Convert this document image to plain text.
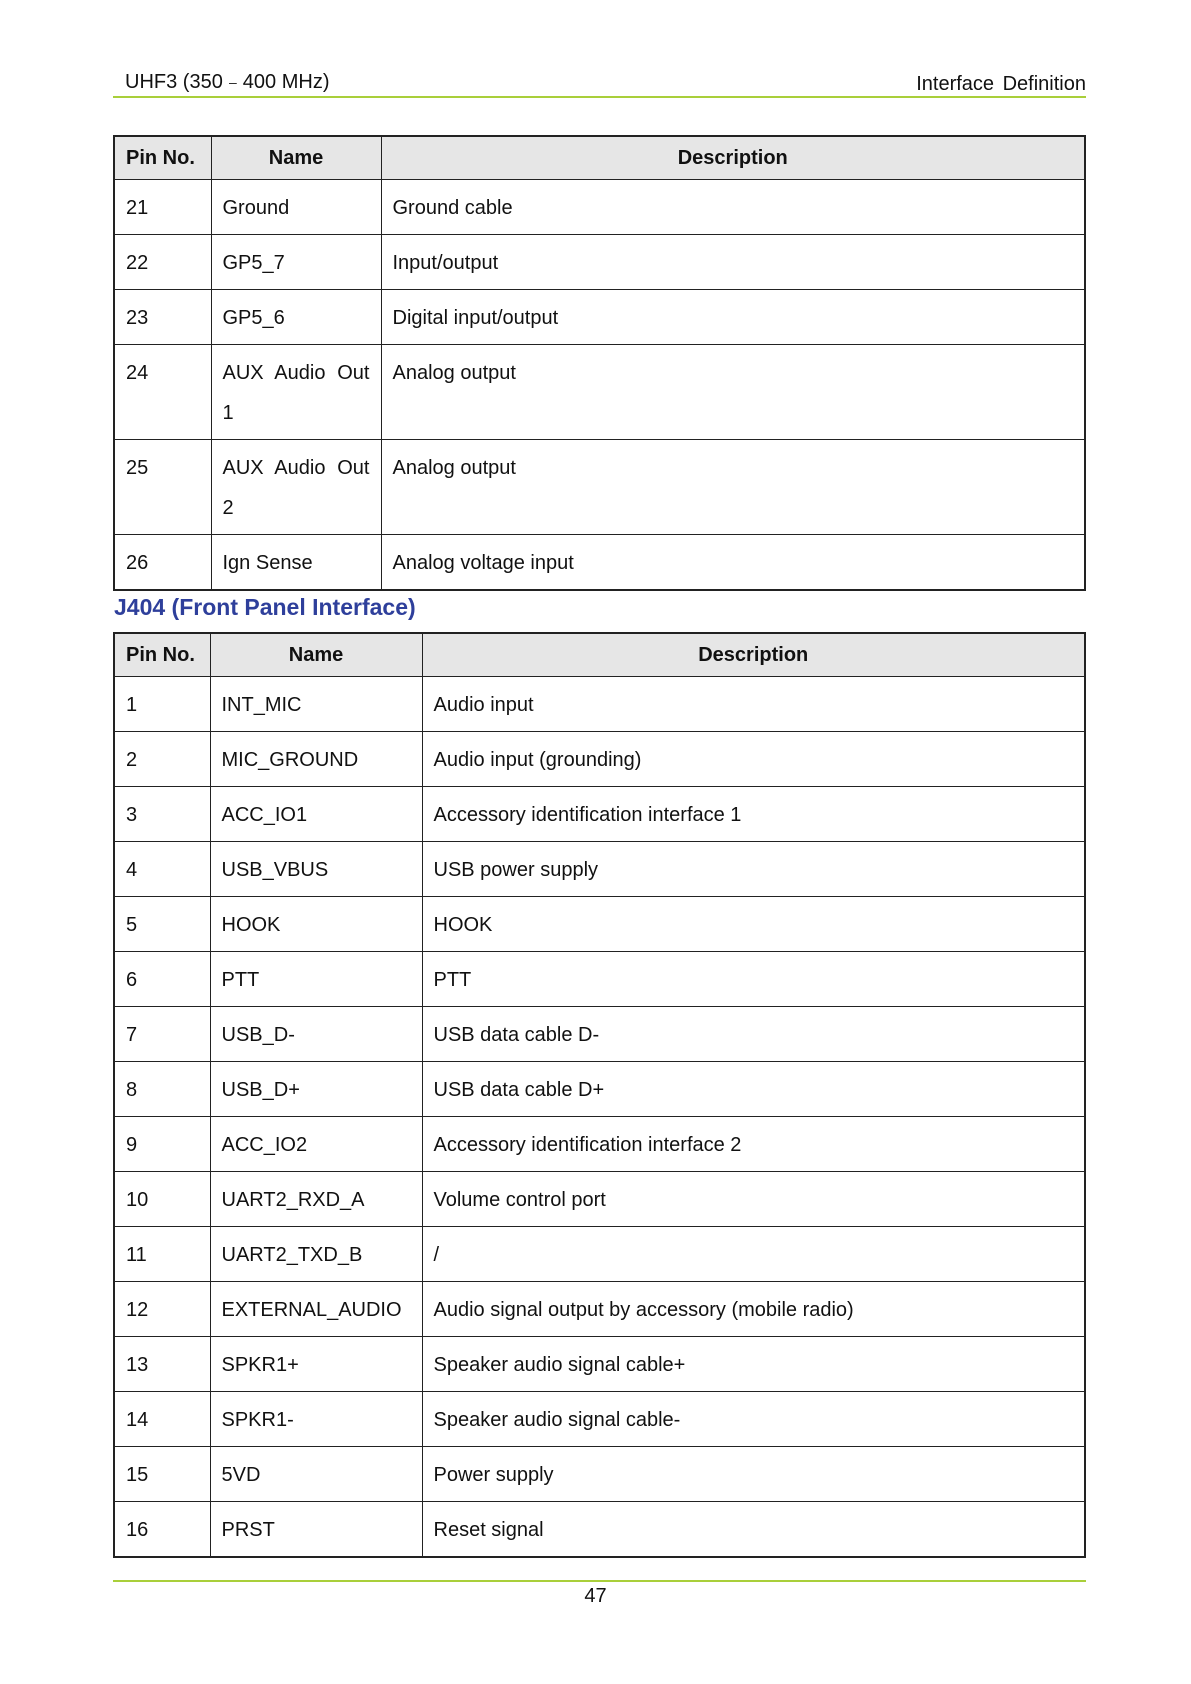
UHF3 (350﹣400 MHz)	Interface Definition
Pin No.	Name	Description
21	Ground	Ground cable
22	GP5_7	Input/output
23	GP5_6	Digital input/output
24	AUX Audio Out 1	Analog output
25	AUX Audio Out 2	Analog output
26	Ign Sense	Analog voltage input
J404 (Front Panel Interface)
Pin No.	Name	Description
1	INT_MIC	Audio input
2	MIC_GROUND	Audio input (grounding)
3	ACC_IO1	Accessory identification interface 1
4	USB_VBUS	USB power supply
5	HOOK	HOOK
6	PTT	PTT
7	USB_D-	USB data cable D-
8	USB_D+	USB data cable D+
9	ACC_IO2	Accessory identification interface 2
10	UART2_RXD_A	Volume control port
11	UART2_TXD_B	/
12	EXTERNAL_AUDIO	Audio signal output by accessory (mobile radio)
13	SPKR1+	Speaker audio signal cable+
14	SPKR1-	Speaker audio signal cable-
15	5VD	Power supply
16	PRST	Reset signal
47
